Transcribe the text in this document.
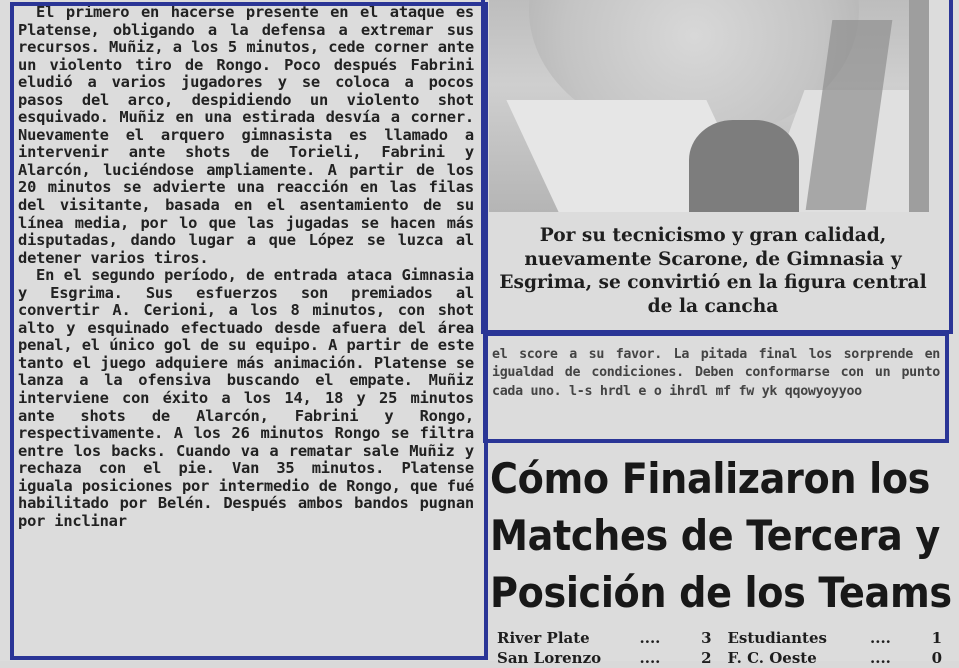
El primero en hacerse presente en el ataque es Platense, obligando a la defensa a extremar sus recursos. Muñiz, a los 5 minutos, cede corner ante un violento tiro de Rongo. Poco después Fabrini eludió a varios jugadores y se coloca a pocos pasos del arco, despidiendo un violento shot esquivado. Muñiz en una estirada desvía a corner. Nuevamente el arquero gimnasista es llamado a intervenir ante shots de Torieli, Fabrini y Alarcón, luciéndose ampliamente. A partir de los 20 minutos se advierte una reacción en las filas del visitante, basada en el asentamiento de su línea media, por lo que las jugadas se hacen más disputadas, dando lugar a que López se luzca al detener varios tiros.

En el segundo período, de entrada ataca Gimnasia y Esgrima. Sus esfuerzos son premiados al convertir A. Cerioni, a los 8 minutos, con shot alto y esquinado efectuado desde afuera del área penal, el único gol de su equipo. A partir de este tanto el juego adquiere más animación. Platense se lanza a la ofensiva buscando el empate. Muñiz interviene con éxito a los 14, 18 y 25 minutos ante shots de Alarcón, Fabrini y Rongo, respectivamente. A los 26 minutos Rongo se filtra entre los backs. Cuando va a rematar sale Muñiz y rechaza con el pie. Van 35 minutos. Platense iguala posiciones por intermedio de Rongo, que fué habilitado por Belén. Después ambos bandos pugnan por inclinar

Por su tecnicismo y gran calidad, nuevamente Scarone, de Gimnasia y Esgrima, se convirtió en la figura central de la cancha
el score a su favor. La pitada final los sorprende en igualdad de condiciones. Deben conformarse con un punto cada uno. l-s hrdl e o ihrdl mf fw yk qqowyoyyoo
Cómo Finalizaron los
Matches de Tercera y
Posición de los Teams
River Plate	....	3 Estudiantes	....	1
San Lorenzo	....	2 F. C. Oeste	....	0
